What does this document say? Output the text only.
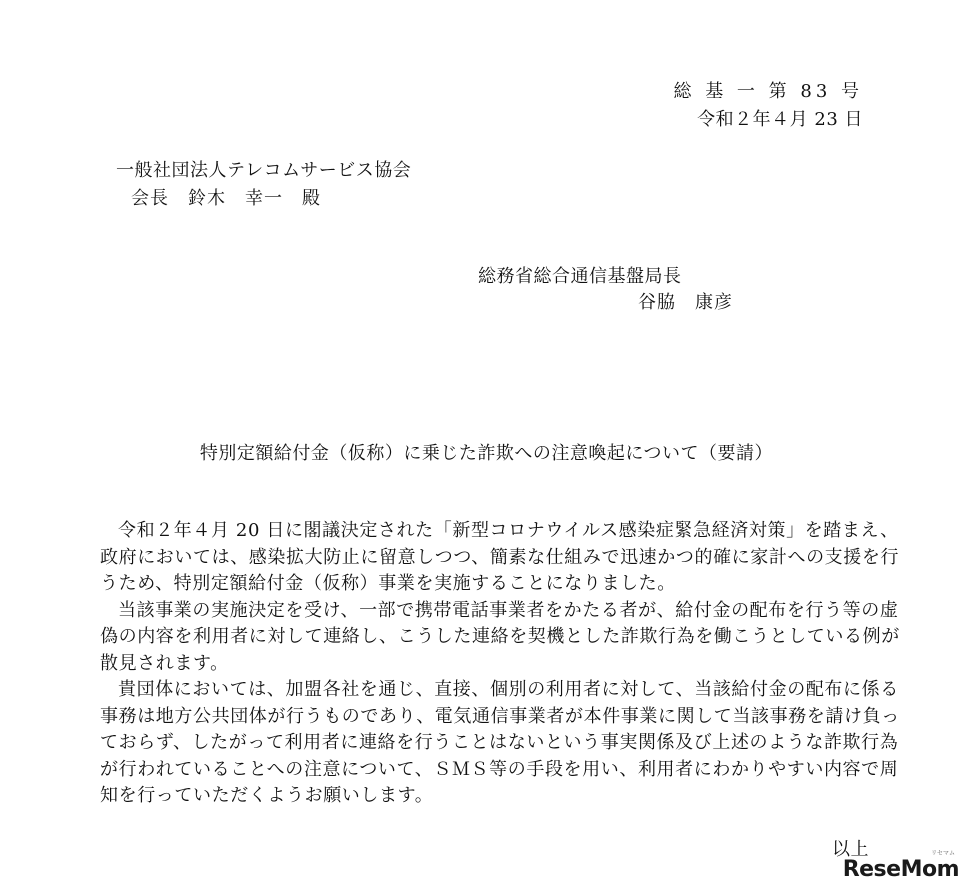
総 基 一 第 83 号
令和２年４月 23 日
一般社団法人テレコムサービス協会
会長　鈴木　幸一　殿
総務省総合通信基盤局長
谷脇　康彦
特別定額給付金（仮称）に乗じた詐欺への注意喚起について（要請）

令和２年４月 20 日に閣議決定された「新型コロナウイルス感染症緊急経済対策」を踏まえ、政府においては、感染拡大防止に留意しつつ、簡素な仕組みで迅速かつ的確に家計への支援を行うため、特別定額給付金（仮称）事業を実施することになりました。

当該事業の実施決定を受け、一部で携帯電話事業者をかたる者が、給付金の配布を行う等の虚偽の内容を利用者に対して連絡し、こうした連絡を契機とした詐欺行為を働こうとしている例が散見されます。

貴団体においては、加盟各社を通じ、直接、個別の利用者に対して、当該給付金の配布に係る事務は地方公共団体が行うものであり、電気通信事業者が本件事業に関して当該事務を請け負っておらず、したがって利用者に連絡を行うことはないという事実関係及び上述のような詐欺行為が行われていることへの注意について、ＳＭＳ等の手段を用い、利用者にわかりやすい内容で周知を行っていただくようお願いします。

以上	リセマム
ReseMom
